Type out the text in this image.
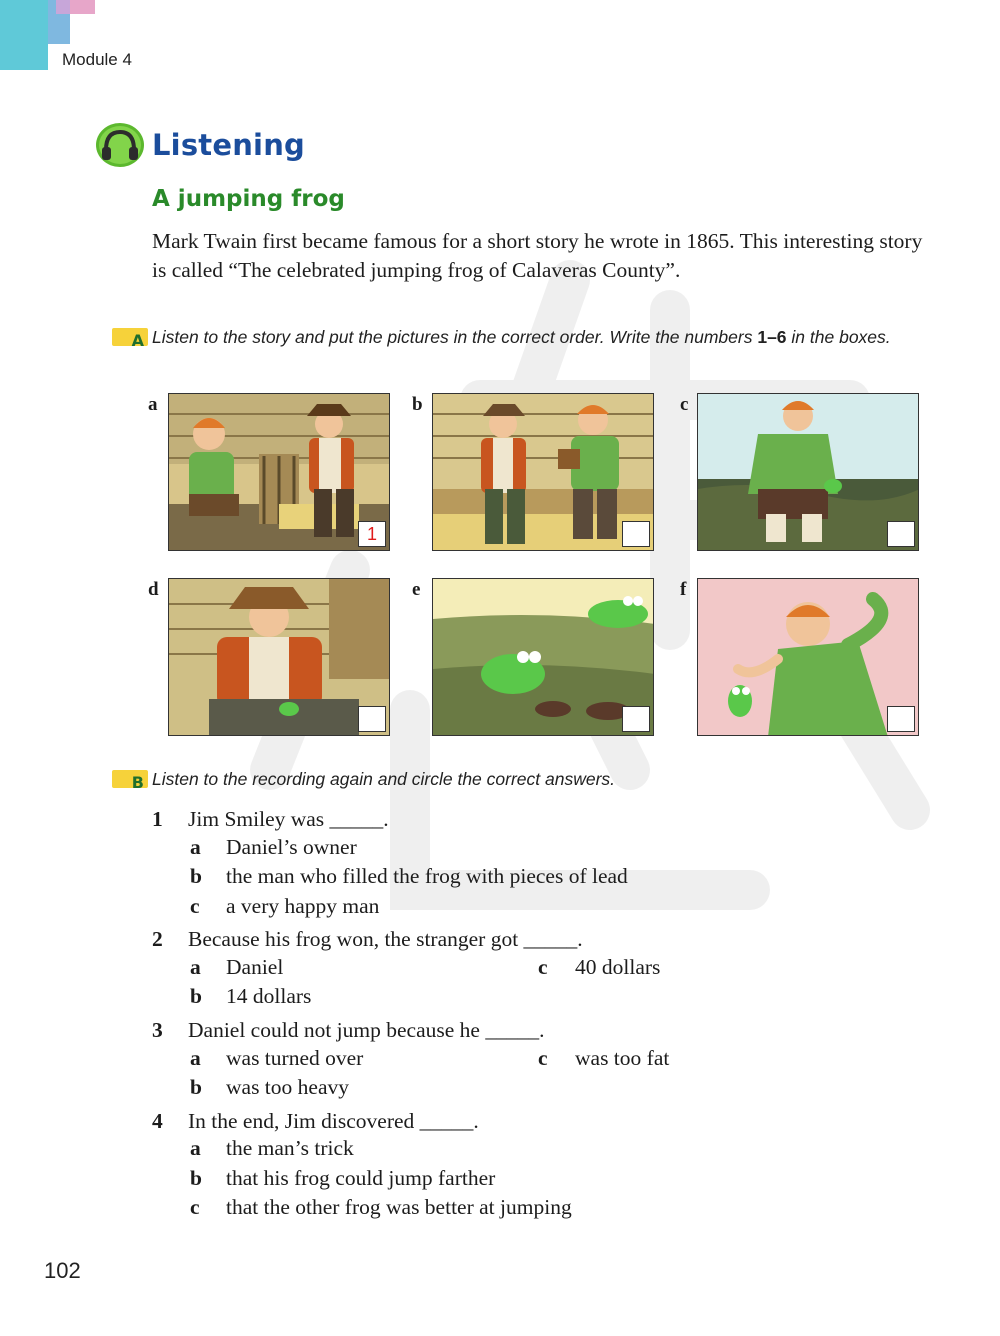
Module 4
Listening
A jumping frog
Mark Twain first became famous for a short story he wrote in 1865. This interesting story is called “The celebrated jumping frog of Calaveras County”.
A Listen to the story and put the pictures in the correct order. Write the numbers 1–6 in the boxes.
a
1
b	c
d	e	f
B Listen to the recording again and circle the correct answers.
1 Jim Smiley was _____.
a Daniel’s owner
b the man who filled the frog with pieces of lead
c a very happy man
2 Because his frog won, the stranger got _____.
a Daniel	c 40 dollars
b 14 dollars
3 Daniel could not jump because he _____.
a was turned over	c was too fat
b was too heavy
4 In the end, Jim discovered _____.
a the man’s trick
b that his frog could jump farther
c that the other frog was better at jumping
102
